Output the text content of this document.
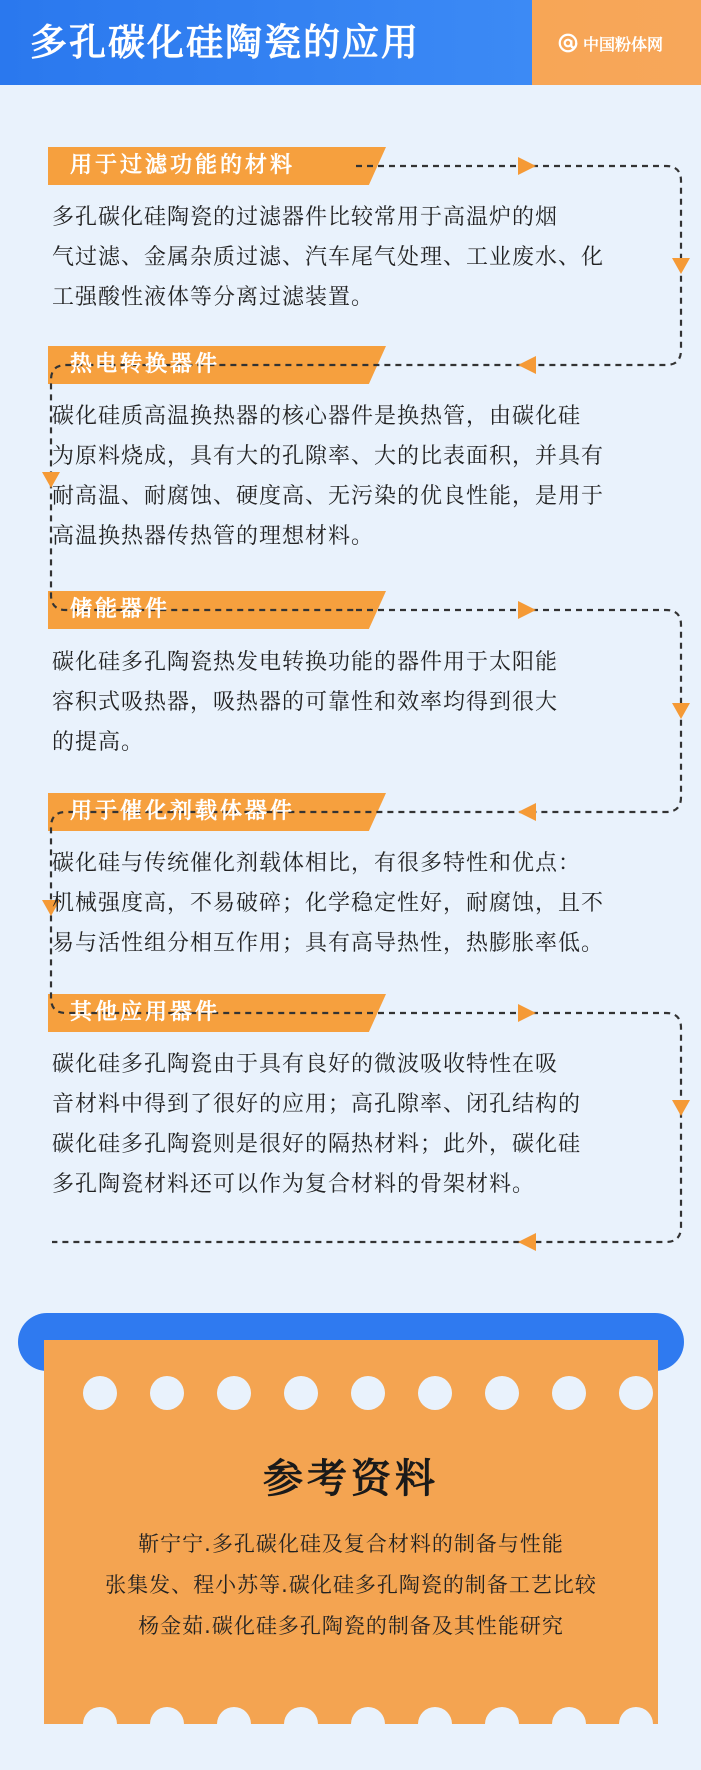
多孔碳化硅陶瓷的应用	中国粉体网
用于过滤功能的材料
多孔碳化硅陶瓷的过滤器件比较常用于高温炉的烟
气过滤、金属杂质过滤、汽车尾气处理、工业废水、化
工强酸性液体等分离过滤装置。
热电转换器件
碳化硅质高温换热器的核心器件是换热管，由碳化硅
为原料烧成，具有大的孔隙率、大的比表面积，并具有
耐高温、耐腐蚀、硬度高、无污染的优良性能，是用于
高温换热器传热管的理想材料。
储能器件
碳化硅多孔陶瓷热发电转换功能的器件用于太阳能
容积式吸热器，吸热器的可靠性和效率均得到很大
的提高。
用于催化剂载体器件
碳化硅与传统催化剂载体相比，有很多特性和优点：
机械强度高，不易破碎；化学稳定性好，耐腐蚀，且不
易与活性组分相互作用；具有高导热性，热膨胀率低。
其他应用器件
碳化硅多孔陶瓷由于具有良好的微波吸收特性在吸
音材料中得到了很好的应用；高孔隙率、闭孔结构的
碳化硅多孔陶瓷则是很好的隔热材料；此外，碳化硅
多孔陶瓷材料还可以作为复合材料的骨架材料。
参考资料
靳宁宁.多孔碳化硅及复合材料的制备与性能
张集发、程小苏等.碳化硅多孔陶瓷的制备工艺比较
杨金茹.碳化硅多孔陶瓷的制备及其性能研究
